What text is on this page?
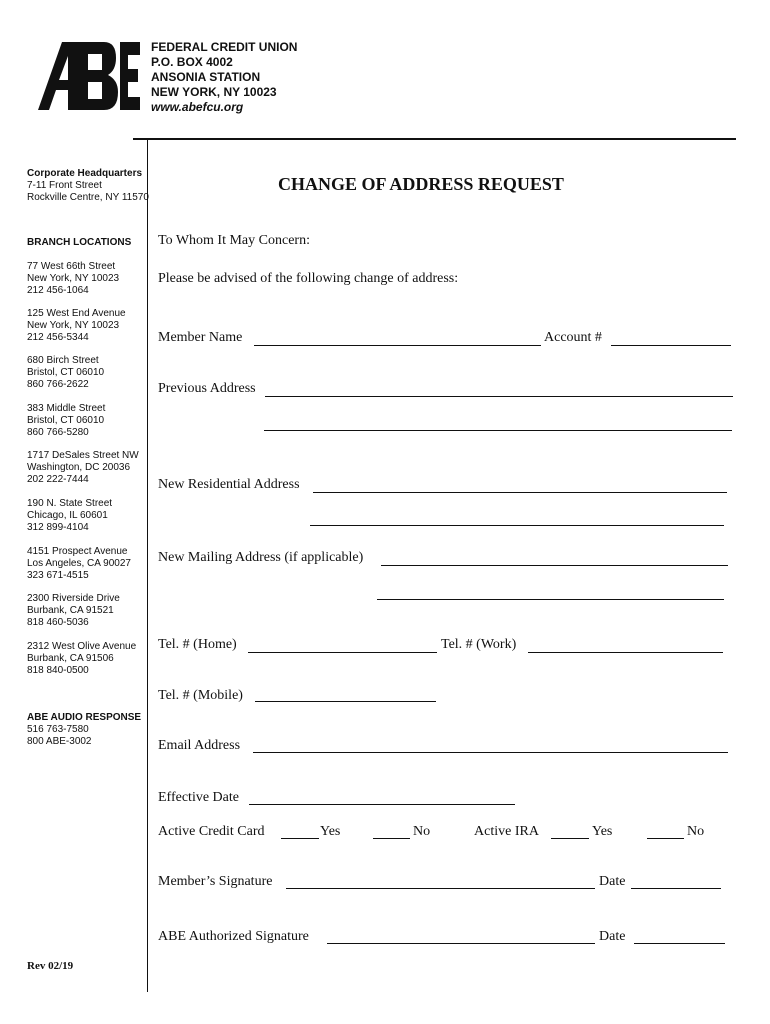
FEDERAL CREDIT UNION
P.O. BOX 4002
ANSONIA STATION
NEW YORK, NY 10023
www.abefcu.org
Corporate Headquarters
7-11 Front Street
Rockville Centre, NY 11570
BRANCH LOCATIONS
77 West 66th Street
New York, NY 10023
212 456-1064
125 West End Avenue
New York, NY 10023
212 456-5344
680 Birch Street
Bristol, CT 06010
860 766-2622
383 Middle Street
Bristol, CT 06010
860 766-5280
1717 DeSales Street NW
Washington, DC 20036
202 222-7444
190 N. State Street
Chicago, IL 60601
312 899-4104
4151 Prospect Avenue
Los Angeles, CA 90027
323 671-4515
2300 Riverside Drive
Burbank, CA 91521
818 460-5036
2312 West Olive Avenue
Burbank, CA 91506
818 840-0500
ABE AUDIO RESPONSE
516 763-7580
800 ABE-3002
Rev 02/19
CHANGE OF ADDRESS REQUEST
To Whom It May Concern:
Please be advised of the following change of address:
Member Name	Account #
Previous Address
New Residential Address
New Mailing Address (if applicable)
Tel. # (Home)	Tel. # (Work)
Tel. # (Mobile)
Email Address
Effective Date
Active Credit Card	Yes	No	Active IRA	Yes	No
Member’s Signature	Date
ABE Authorized Signature	Date
